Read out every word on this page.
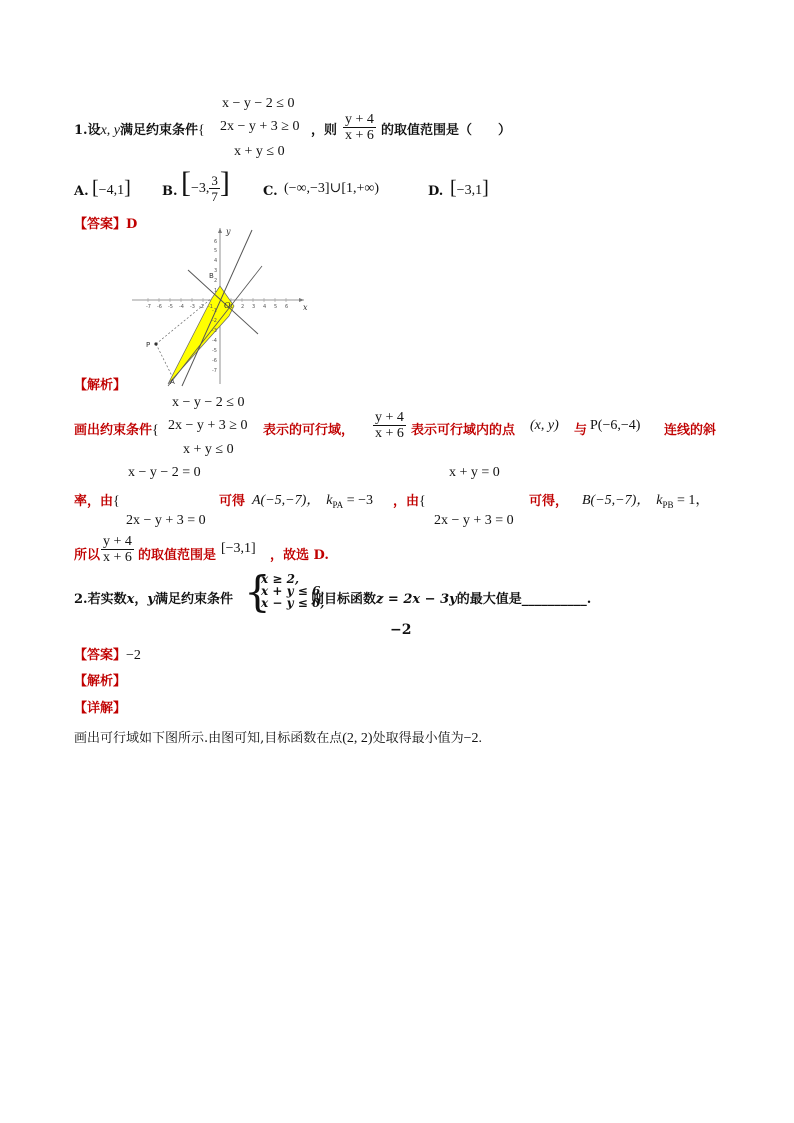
x − y − 2 ≤ 0
1.设x, y满足约束条件{ 2x − y + 3 ≥ 0 ，则 $\frac{y + 4}{x + 6}$ 的取值范围是（　　）
x + y ≤ 0
A. [−4,1] B. [−3, $\frac{3}{7}$ ]	C. (−∞,−3]∪[1,+∞)	D. [−3,1]
【答案】D
-7 -6 -5 -4 -3 -2 -1	1 2 3 4 5 6
6
5
4
3
2
1
-1
-2
-3
-4
-5
-6
-7
x
y
O
A
B
P
【解析】
x − y − 2 ≤ 0
画出约束条件{ 2x − y + 3 ≥ 0 表示的可行域， $\frac{y + 4}{x + 6}$ 表示可行域内的点 (x, y) 与 P(−6,−4) 连线的斜
x + y ≤ 0
x − y − 2 = 0	x + y = 0
率，由{	可得 A(−5,−7)， $k_{PA} = -3$ ，由{	可得， B(−5,−7)， $k_{PB} = 1$，
2x − y + 3 = 0	2x − y + 3 = 0
所以 $\frac{y + 4}{x + 6}$ 的取值范围是 [−3,1] ，故选 D.
2.若实数x，y满足约束条件 {
x ≥ 2,
x + y ≤ 6,
x − y ≤ 0,
则目标函数z = 2x − 3y的最大值是__________.
−2
【答案】−2
【解析】
【详解】
画出可行域如下图所示.由图可知,目标函数在点(2, 2)处取得最小值为−2.
